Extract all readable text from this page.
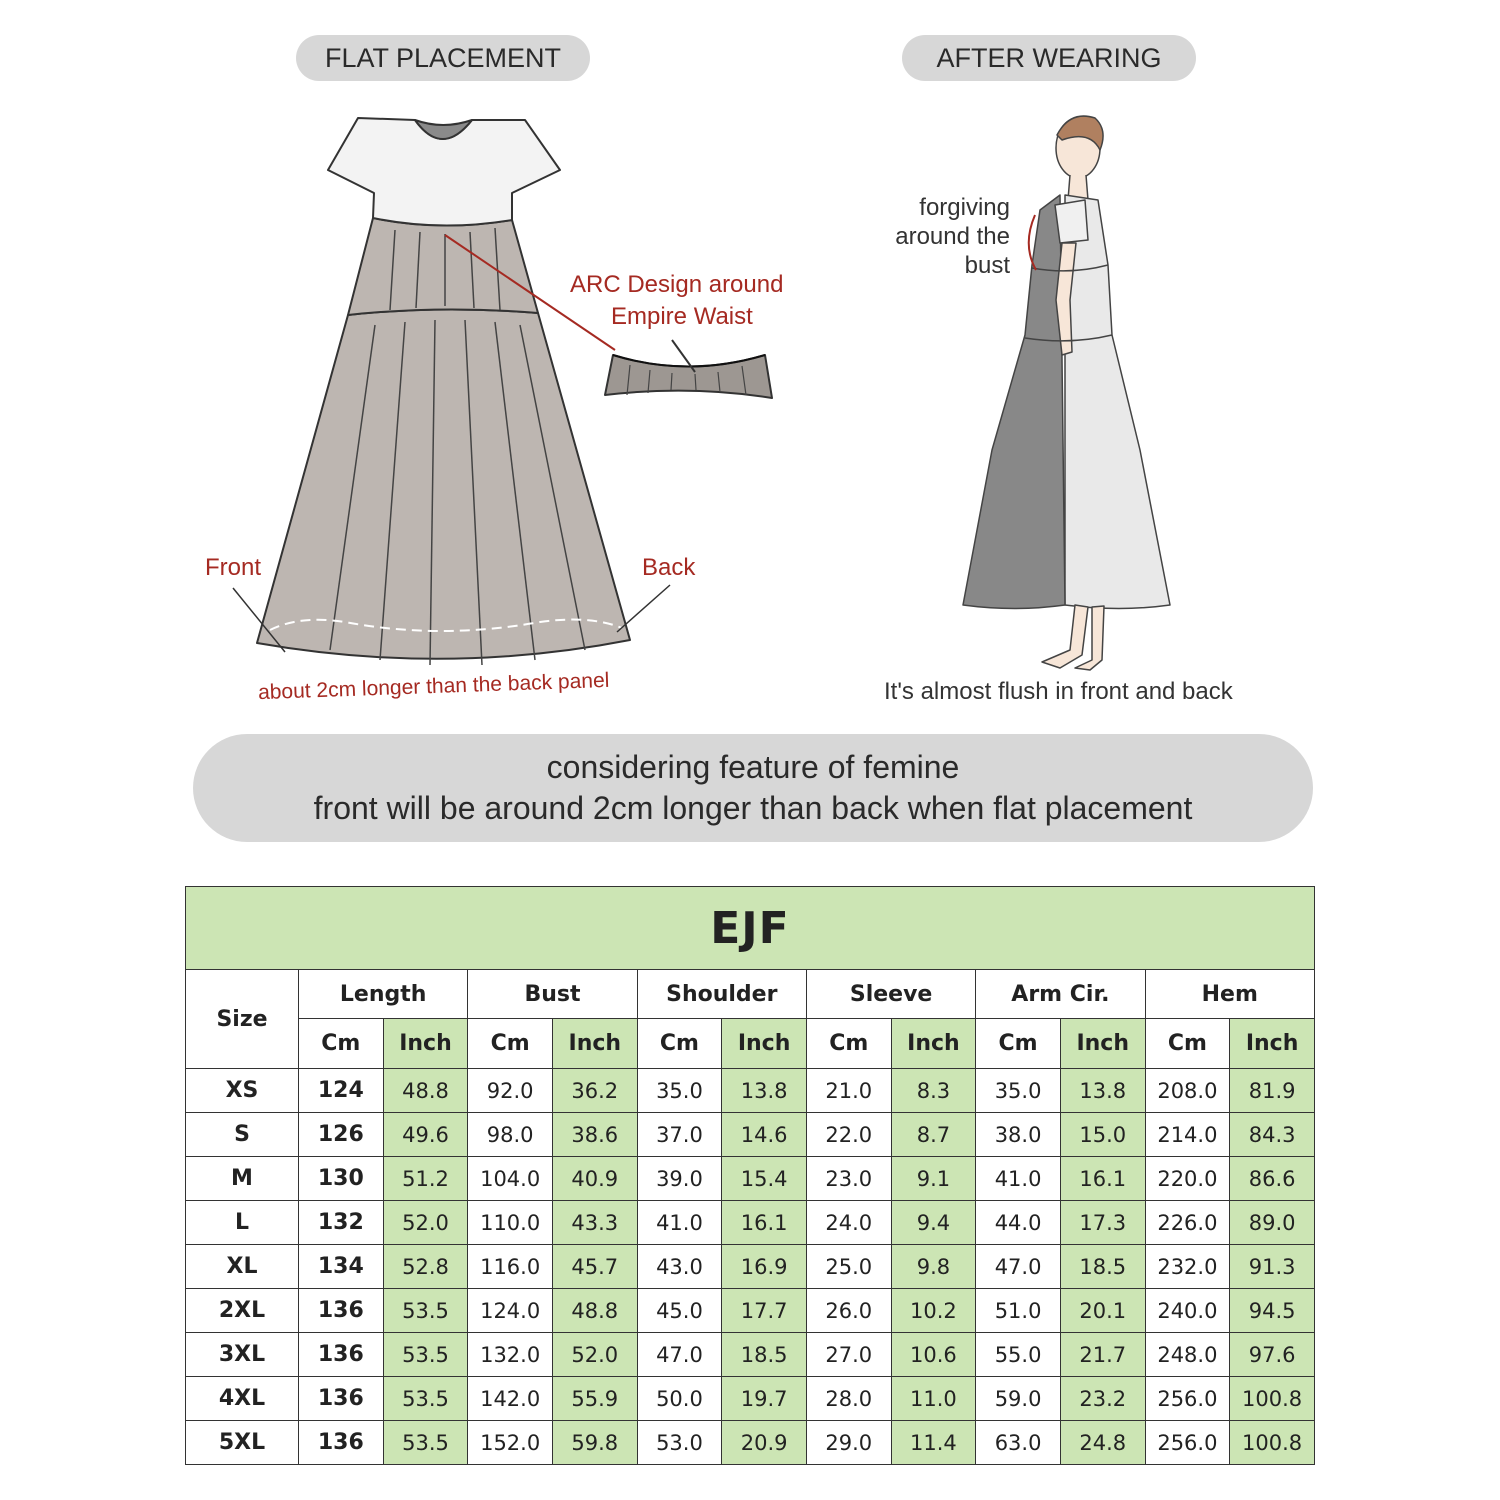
FLAT PLACEMENT	AFTER WEARING
ARC Design around
Empire Waist
Front	Back
about 2cm longer than the back panel
forgiving
around the
bust
It's almost flush in front and back
considering feature of femine
front will be around 2cm longer than back when flat placement
EJF												
Size	Length		Bust		Shoulder		Sleeve		Arm Cir.		Hem	
	Cm	Inch	Cm	Inch	Cm	Inch	Cm	Inch	Cm	Inch	Cm	Inch
XS	124	48.8	92.0	36.2	35.0	13.8	21.0	8.3	35.0	13.8	208.0	81.9
S	126	49.6	98.0	38.6	37.0	14.6	22.0	8.7	38.0	15.0	214.0	84.3
M	130	51.2	104.0	40.9	39.0	15.4	23.0	9.1	41.0	16.1	220.0	86.6
L	132	52.0	110.0	43.3	41.0	16.1	24.0	9.4	44.0	17.3	226.0	89.0
XL	134	52.8	116.0	45.7	43.0	16.9	25.0	9.8	47.0	18.5	232.0	91.3
2XL	136	53.5	124.0	48.8	45.0	17.7	26.0	10.2	51.0	20.1	240.0	94.5
3XL	136	53.5	132.0	52.0	47.0	18.5	27.0	10.6	55.0	21.7	248.0	97.6
4XL	136	53.5	142.0	55.9	50.0	19.7	28.0	11.0	59.0	23.2	256.0	100.8
5XL	136	53.5	152.0	59.8	53.0	20.9	29.0	11.4	63.0	24.8	256.0	100.8
